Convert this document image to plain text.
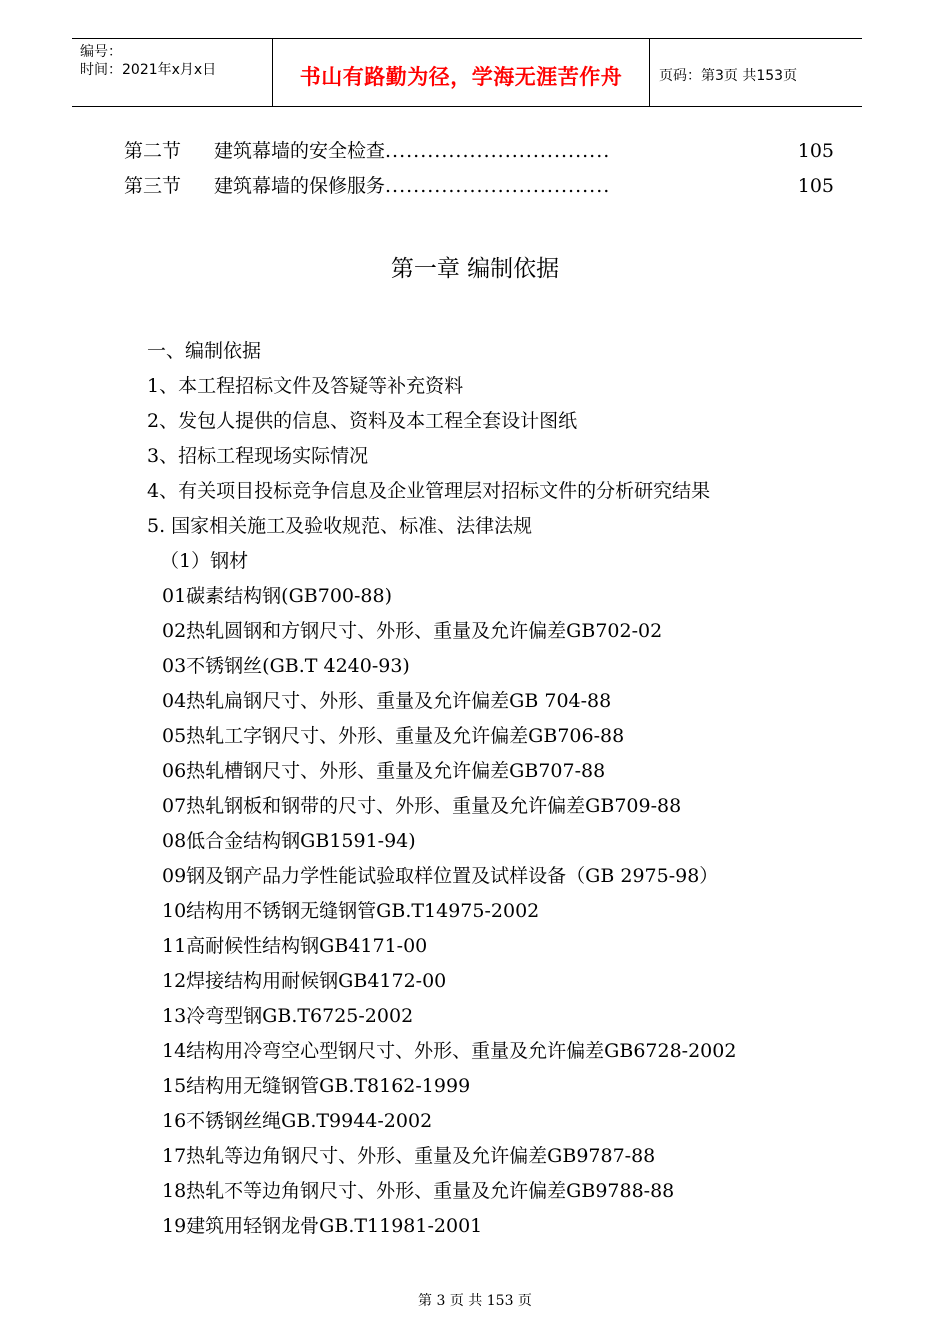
编号：
时间：2021年x月x日	书山有路勤为径，学海无涯苦作舟	页码：第3页 共153页
第二节 建筑幕墙的安全检查................................	105
第三节 建筑幕墙的保修服务................................	105
第一章 编制依据
一、编制依据
1、本工程招标文件及答疑等补充资料
2、发包人提供的信息、资料及本工程全套设计图纸
3、招标工程现场实际情况
4、有关项目投标竞争信息及企业管理层对招标文件的分析研究结果
5. 国家相关施工及验收规范、标准、法律法规
（1）钢材
01碳素结构钢(GB700-88)
02热轧圆钢和方钢尺寸、外形、重量及允许偏差GB702-02
03不锈钢丝(GB.T 4240-93)
04热轧扁钢尺寸、外形、重量及允许偏差GB 704-88
05热轧工字钢尺寸、外形、重量及允许偏差GB706-88
06热轧槽钢尺寸、外形、重量及允许偏差GB707-88
07热轧钢板和钢带的尺寸、外形、重量及允许偏差GB709-88
08低合金结构钢GB1591-94)
09钢及钢产品力学性能试验取样位置及试样设备（GB 2975-98）
10结构用不锈钢无缝钢管GB.T14975-2002
11高耐候性结构钢GB4171-00
12焊接结构用耐候钢GB4172-00
13冷弯型钢GB.T6725-2002
14结构用冷弯空心型钢尺寸、外形、重量及允许偏差GB6728-2002
15结构用无缝钢管GB.T8162-1999
16不锈钢丝绳GB.T9944-2002
17热轧等边角钢尺寸、外形、重量及允许偏差GB9787-88
18热轧不等边角钢尺寸、外形、重量及允许偏差GB9788-88
19建筑用轻钢龙骨GB.T11981-2001
第 3 页 共 153 页
